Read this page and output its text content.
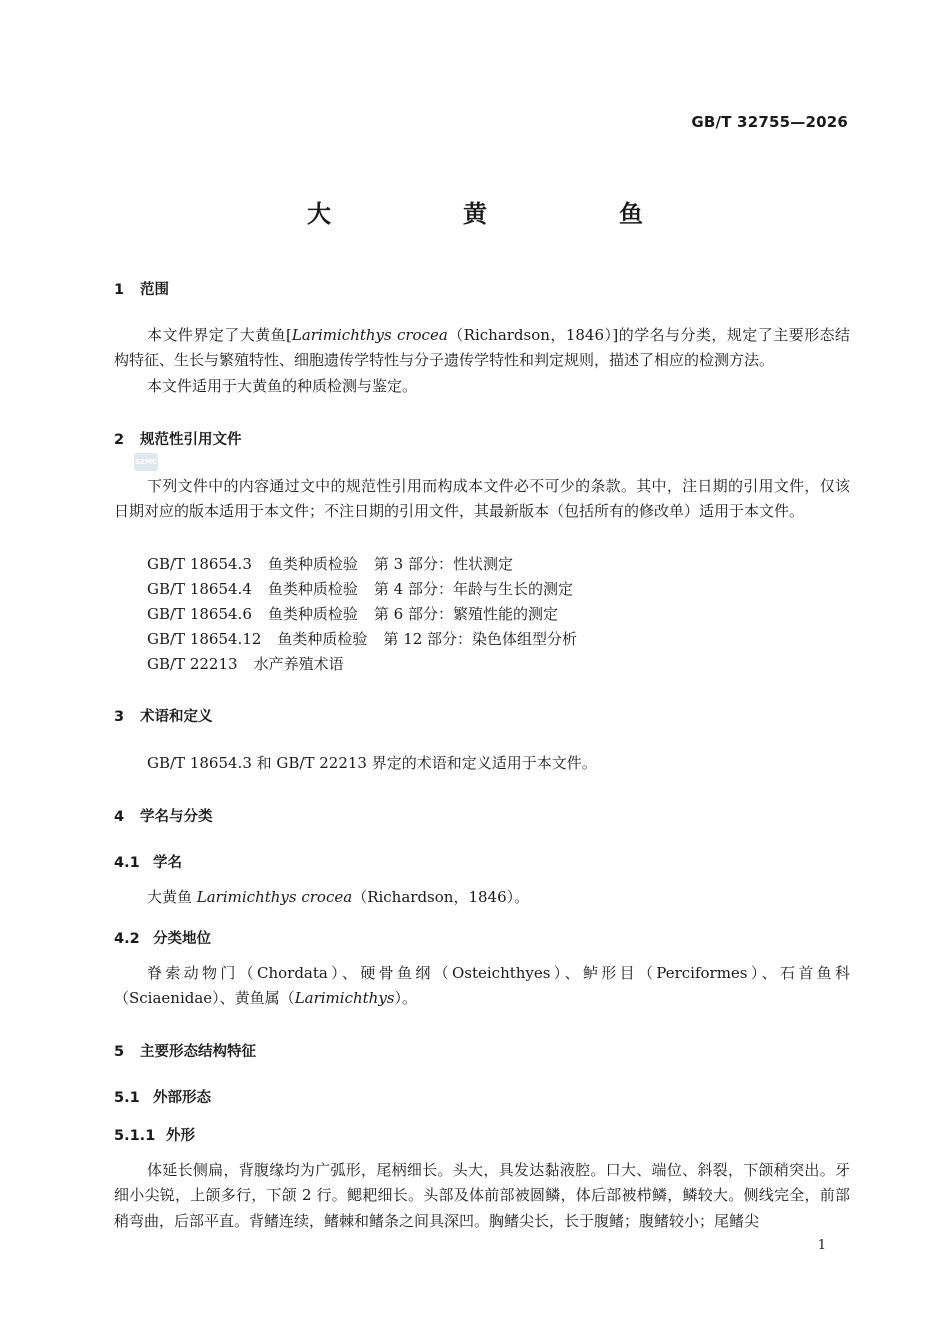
GB/T 32755—2026
大　黄　鱼
1 范围
本文件界定了大黄鱼[Larimichthys crocea（Richardson，1846）]的学名与分类，规定了主要形态结构特征、生长与繁殖特性、细胞遗传学特性与分子遗传学特性和判定规则，描述了相应的检测方法。
本文件适用于大黄鱼的种质检测与鉴定。
2 规范性引用文件
SZMC
下列文件中的内容通过文中的规范性引用而构成本文件必不可少的条款。其中，注日期的引用文件，仅该日期对应的版本适用于本文件；不注日期的引用文件，其最新版本（包括所有的修改单）适用于本文件。
GB/T 18654.3 鱼类种质检验 第 3 部分：性状测定
GB/T 18654.4 鱼类种质检验 第 4 部分：年龄与生长的测定
GB/T 18654.6 鱼类种质检验 第 6 部分：繁殖性能的测定
GB/T 18654.12 鱼类种质检验 第 12 部分：染色体组型分析
GB/T 22213 水产养殖术语
3 术语和定义
GB/T 18654.3 和 GB/T 22213 界定的术语和定义适用于本文件。
4 学名与分类
4.1 学名
大黄鱼 Larimichthys crocea（Richardson，1846）。
4.2 分类地位
脊索动物门（Chordata）、硬骨鱼纲（Osteichthyes）、鲈形目（Perciformes）、石首鱼科（Sciaenidae）、黄鱼属（Larimichthys）。
5 主要形态结构特征
5.1 外部形态
5.1.1 外形
体延长侧扁，背腹缘均为广弧形，尾柄细长。头大，具发达黏液腔。口大、端位、斜裂，下颌稍突出。牙细小尖锐，上颌多行，下颌 2 行。鳃耙细长。头部及体前部被圆鳞，体后部被栉鳞，鳞较大。侧线完全，前部稍弯曲，后部平直。背鳍连续，鳍棘和鳍条之间具深凹。胸鳍尖长，长于腹鳍；腹鳍较小；尾鳍尖
1
